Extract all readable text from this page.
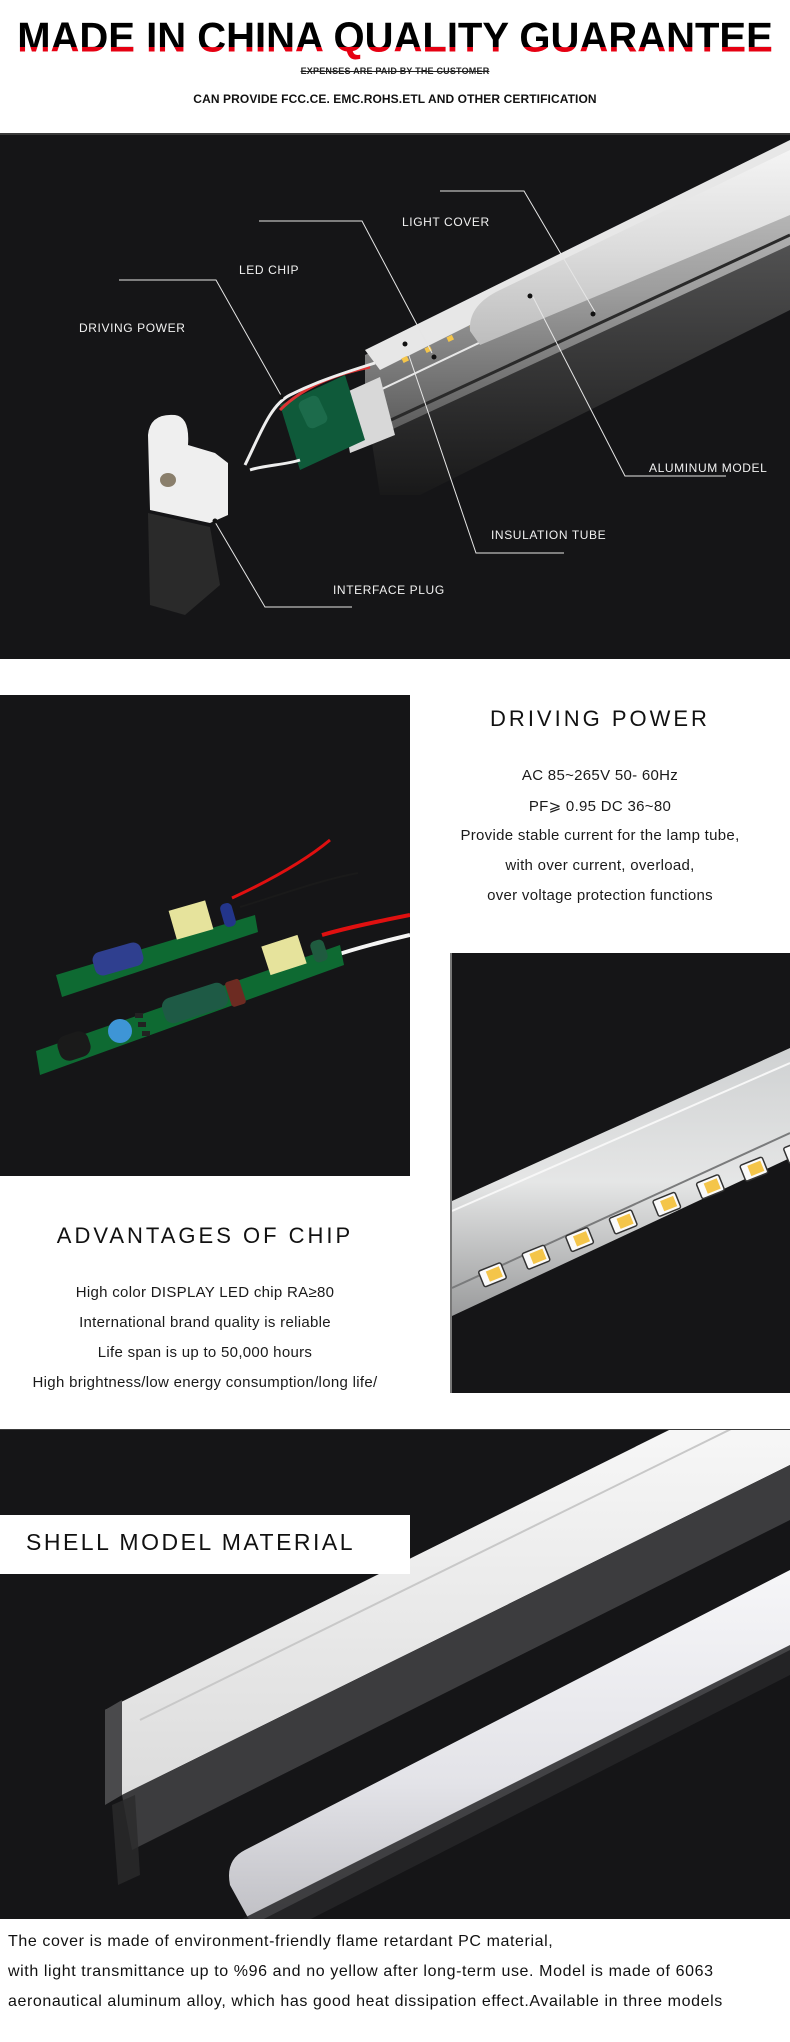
MADE IN CHINA QUALITY GUARANTEE
EXPENSES ARE PAID BY THE CUSTOMER
CAN PROVIDE FCC.CE. EMC.ROHS.ETL AND OTHER CERTIFICATION
LIGHT COVER
LED CHIP
DRIVING POWER
ALUMINUM MODEL
INSULATION TUBE
INTERFACE PLUG
DRIVING POWER
AC 85~265V 50- 60Hz
PF⩾ 0.95 DC 36~80
Provide stable current for the lamp tube,
with over current, overload,
over voltage protection functions
ADVANTAGES OF CHIP
High color DISPLAY LED chip RA≥80
International brand quality is reliable
Life span is up to 50,000 hours
High brightness/low energy consumption/long life/
SHELL MODEL MATERIAL
The cover is made of environment-friendly flame retardant PC material,
with light transmittance up to %96 and no yellow after long-term use. Model is made of 6063
aeronautical aluminum alloy, which has good heat dissipation effect.Available in three models
